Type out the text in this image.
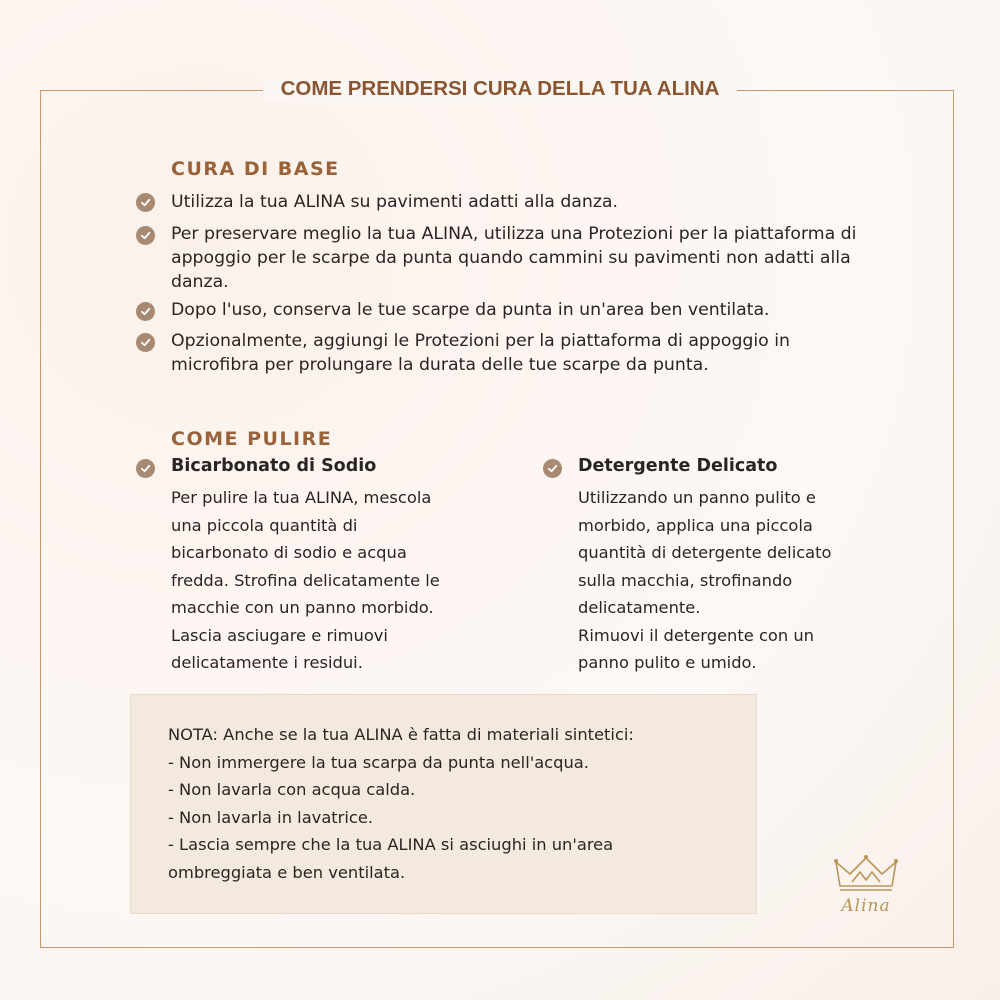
COME PRENDERSI CURA DELLA TUA ALINA
CURA DI BASE
Utilizza la tua ALINA su pavimenti adatti alla danza.
Per preservare meglio la tua ALINA, utilizza una Protezioni per la piattaforma di appoggio per le scarpe da punta quando cammini su pavimenti non adatti alla danza.
Dopo l'uso, conserva le tue scarpe da punta in un'area ben ventilata.
Opzionalmente, aggiungi le Protezioni per la piattaforma di appoggio in microfibra per prolungare la durata delle tue scarpe da punta.
COME PULIRE
Bicarbonato di Sodio
Per pulire la tua ALINA, mescola
una piccola quantità di
bicarbonato di sodio e acqua
fredda. Strofina delicatamente le
macchie con un panno morbido.
Lascia asciugare e rimuovi
delicatamente i residui.
Detergente Delicato
Utilizzando un panno pulito e
morbido, applica una piccola
quantità di detergente delicato
sulla macchia, strofinando
delicatamente.
Rimuovi il detergente con un
panno pulito e umido.
NOTA: Anche se la tua ALINA è fatta di materiali sintetici:
- Non immergere la tua scarpa da punta nell'acqua.
- Non lavarla con acqua calda.
- Non lavarla in lavatrice.
- Lascia sempre che la tua ALINA si asciughi in un'area
ombreggiata e ben ventilata.
Alina
